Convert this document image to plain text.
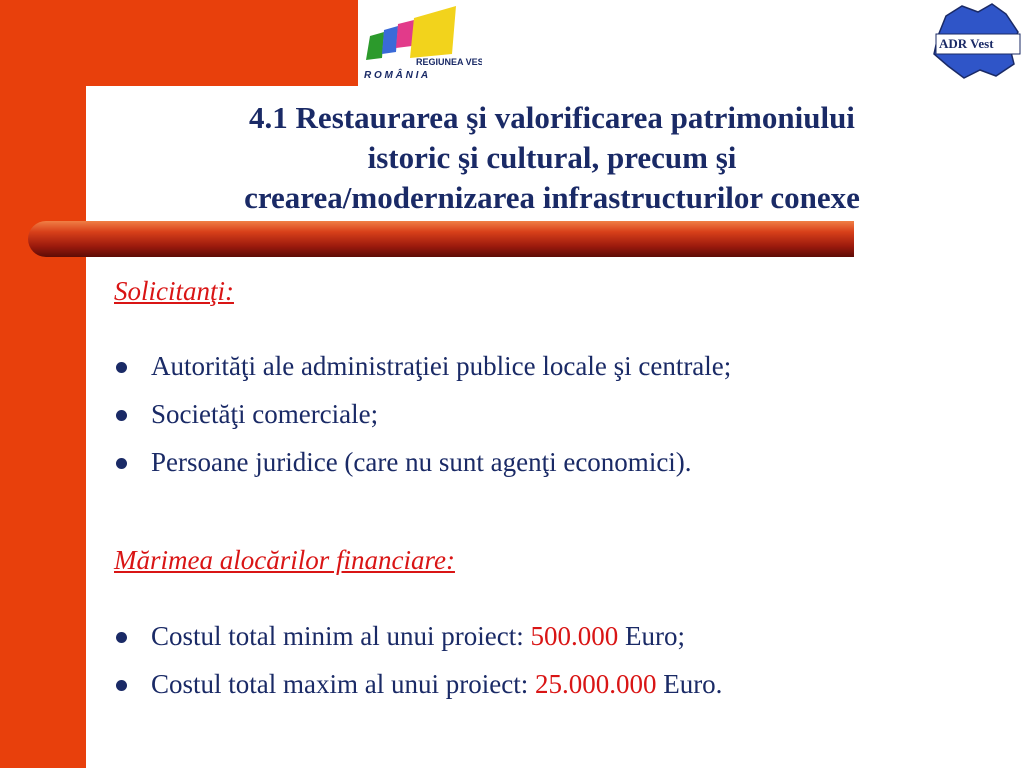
REGIUNEA VEST
R O M Â N I A
ADR Vest
4.1 Restaurarea şi valorificarea patrimoniului
istoric şi cultural, precum şi
crearea/modernizarea infrastructurilor conexe
Solicitanţi:
Autorităţi ale administraţiei publice locale şi centrale;
Societăţi comerciale;
Persoane juridice (care nu sunt agenţi economici).
Mărimea alocărilor financiare:
Costul total minim al unui proiect: 500.000 Euro;
Costul total maxim al unui proiect: 25.000.000 Euro.
